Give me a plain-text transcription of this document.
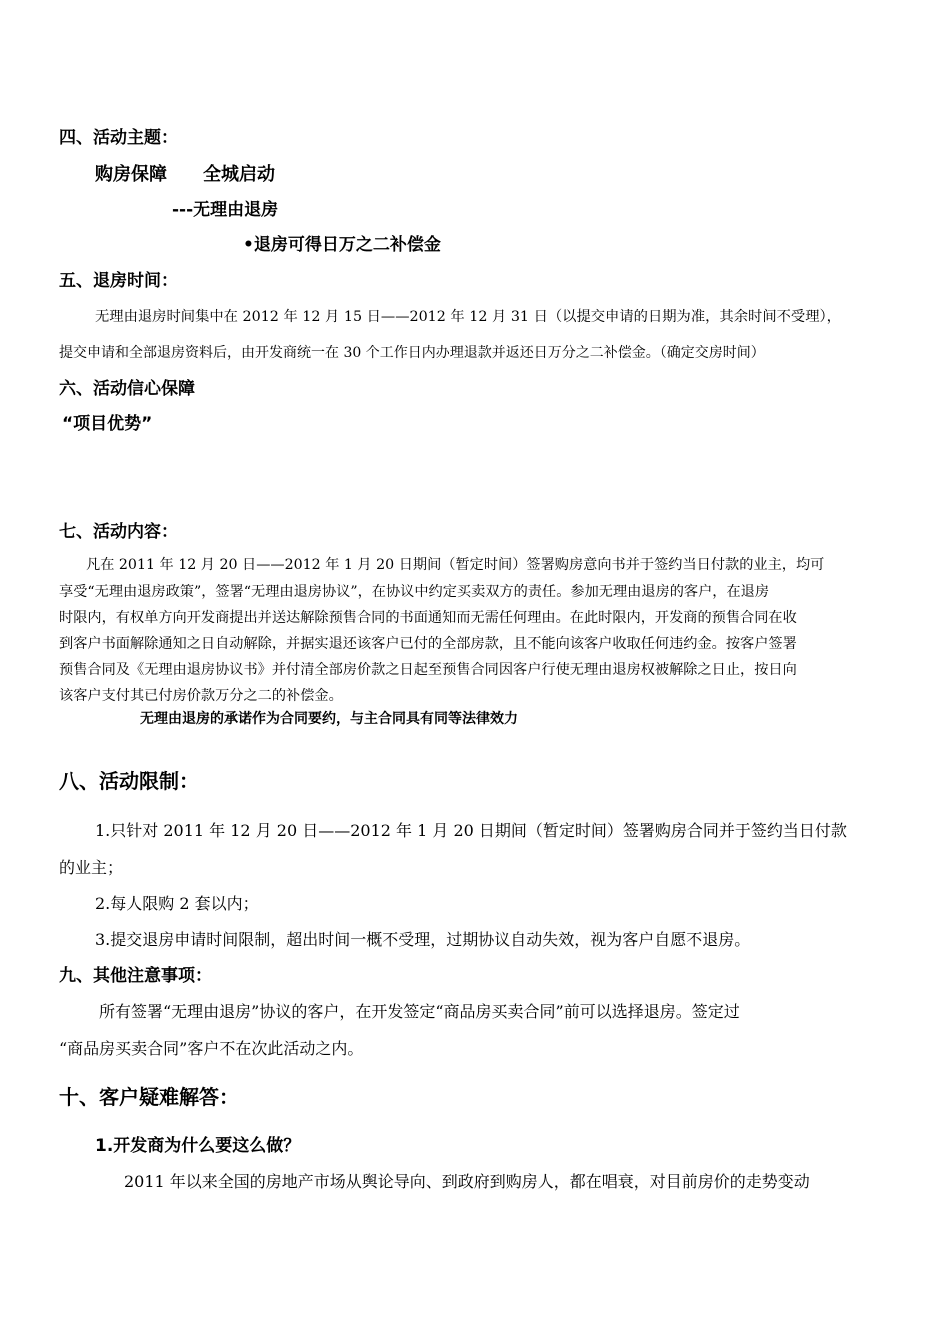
四、活动主题：
购房保障　　全城启动
---无理由退房
•退房可得日万之二补偿金
五、退房时间：
无理由退房时间集中在 2012 年 12 月 15 日——2012 年 12 月 31 日（以提交申请的日期为准，其余时间不受理），
提交申请和全部退房资料后，由开发商统一在 30 个工作日内办理退款并返还日万分之二补偿金。（确定交房时间）
六、活动信心保障
“项目优势”
七、活动内容：
凡在 2011 年 12 月 20 日——2012 年 1 月 20 日期间（暂定时间）签署购房意向书并于签约当日付款的业主，均可
享受“无理由退房政策”，签署“无理由退房协议”，在协议中约定买卖双方的责任。参加无理由退房的客户，在退房
时限内，有权单方向开发商提出并送达解除预售合同的书面通知而无需任何理由。在此时限内，开发商的预售合同在收
到客户书面解除通知之日自动解除，并据实退还该客户已付的全部房款，且不能向该客户收取任何违约金。按客户签署
预售合同及《无理由退房协议书》并付清全部房价款之日起至预售合同因客户行使无理由退房权被解除之日止，按日向
该客户支付其已付房价款万分之二的补偿金。
无理由退房的承诺作为合同要约，与主合同具有同等法律效力
八、活动限制：
1.只针对 2011 年 12 月 20 日——2012 年 1 月 20 日期间（暂定时间）签署购房合同并于签约当日付款
的业主；
2.每人限购 2 套以内；
3.提交退房申请时间限制，超出时间一概不受理，过期协议自动失效，视为客户自愿不退房。
九、其他注意事项：
所有签署“无理由退房”协议的客户，在开发签定“商品房买卖合同”前可以选择退房。签定过
“商品房买卖合同”客户不在次此活动之内。
十、客户疑难解答：
1.开发商为什么要这么做？
2011 年以来全国的房地产市场从舆论导向、到政府到购房人，都在唱衰，对目前房价的走势变动
